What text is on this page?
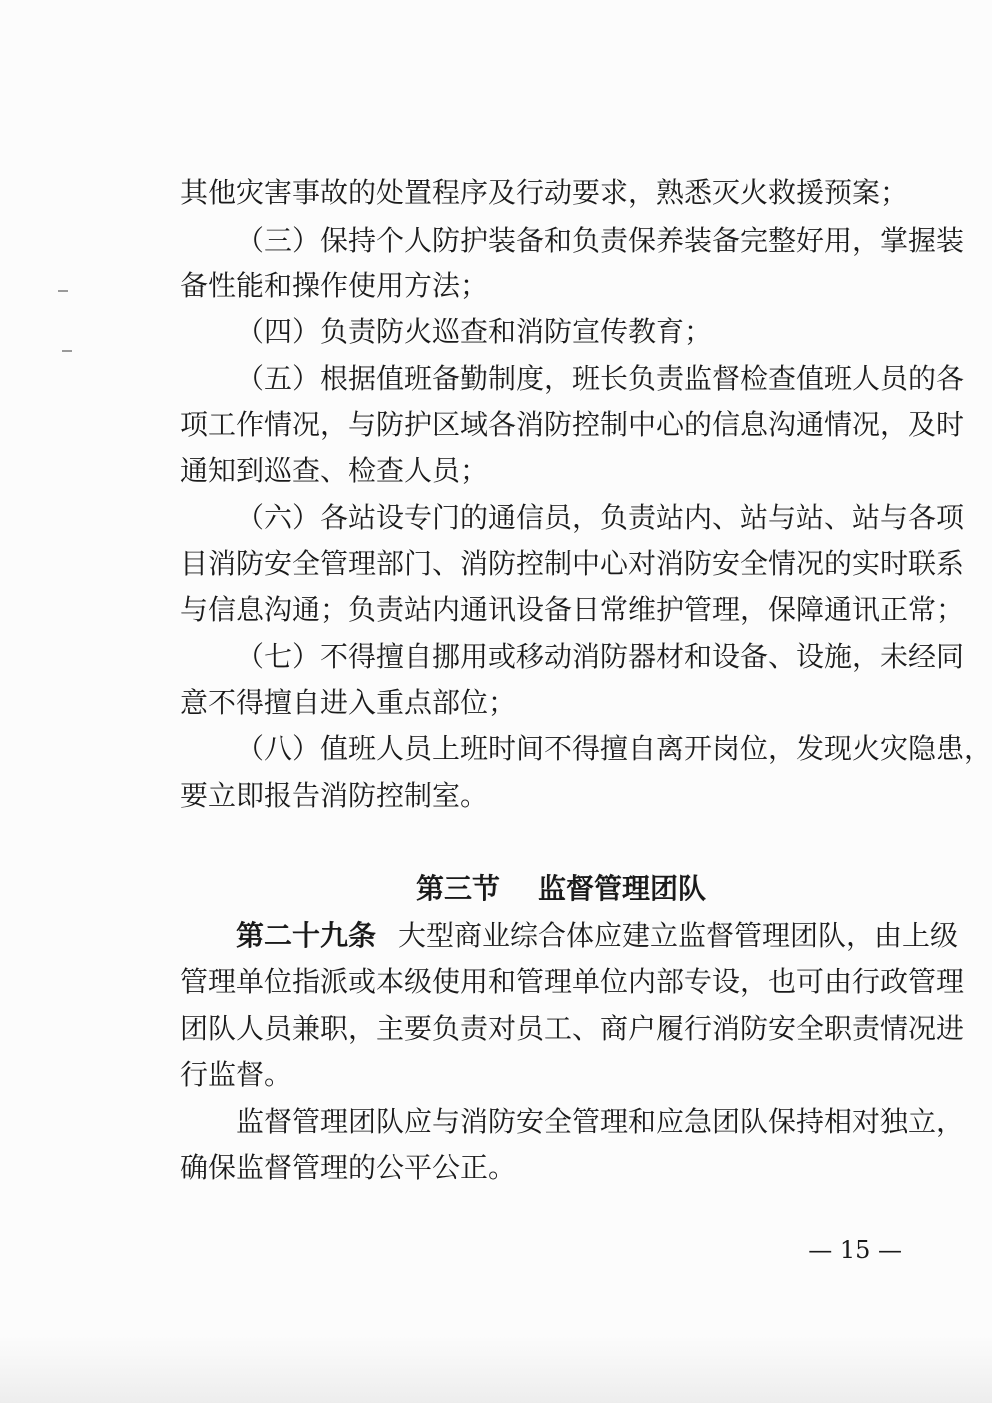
其他灾害事故的处置程序及行动要求，熟悉灭火救援预案；
（三）保持个人防护装备和负责保养装备完整好用，掌握装
备性能和操作使用方法；
（四）负责防火巡查和消防宣传教育；
（五）根据值班备勤制度，班长负责监督检查值班人员的各
项工作情况，与防护区域各消防控制中心的信息沟通情况，及时
通知到巡查、检查人员；
（六）各站设专门的通信员，负责站内、站与站、站与各项
目消防安全管理部门、消防控制中心对消防安全情况的实时联系
与信息沟通；负责站内通讯设备日常维护管理，保障通讯正常；
（七）不得擅自挪用或移动消防器材和设备、设施，未经同
意不得擅自进入重点部位；
（八）值班人员上班时间不得擅自离开岗位，发现火灾隐患，
要立即报告消防控制室。
第三节 监督管理团队
第二十九条 大型商业综合体应建立监督管理团队，由上级
管理单位指派或本级使用和管理单位内部专设，也可由行政管理
团队人员兼职，主要负责对员工、商户履行消防安全职责情况进
行监督。
监督管理团队应与消防安全管理和应急团队保持相对独立，
确保监督管理的公平公正。
— 15 —
